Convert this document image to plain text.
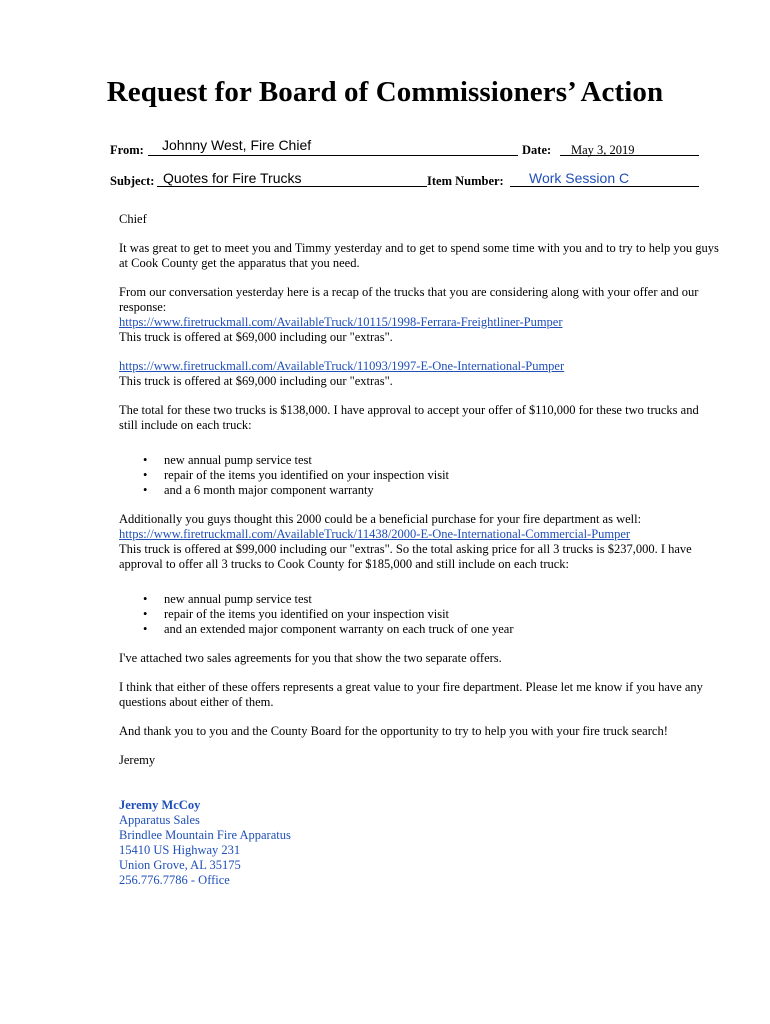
Request for Board of Commissioners’ Action
From: Johnny West, Fire Chief	Date: May 3, 2019
Subject: Quotes for Fire Trucks	Item Number: Work Session C

Chief

It was great to get to meet you and Timmy yesterday and to get to spend some time with you and to try to help you guys at Cook County get the apparatus that you need.

From our conversation yesterday here is a recap of the trucks that you are considering along with your offer and our response:
https://www.firetruckmall.com/AvailableTruck/10115/1998-Ferrara-Freightliner-Pumper
This truck is offered at $69,000 including our "extras".

https://www.firetruckmall.com/AvailableTruck/11093/1997-E-One-International-Pumper
This truck is offered at $69,000 including our "extras".

The total for these two trucks is $138,000. I have approval to accept your offer of $110,000 for these two trucks and still include on each truck:

• new annual pump service test
• repair of the items you identified on your inspection visit
• and a 6 month major component warranty

Additionally you guys thought this 2000 could be a beneficial purchase for your fire department as well:
https://www.firetruckmall.com/AvailableTruck/11438/2000-E-One-International-Commercial-Pumper
This truck is offered at $99,000 including our "extras". So the total asking price for all 3 trucks is $237,000. I have approval to offer all 3 trucks to Cook County for $185,000 and still include on each truck:

• new annual pump service test
• repair of the items you identified on your inspection visit
• and an extended major component warranty on each truck of one year

I've attached two sales agreements for you that show the two separate offers.

I think that either of these offers represents a great value to your fire department. Please let me know if you have any questions about either of them.

And thank you to you and the County Board for the opportunity to try to help you with your fire truck search!

Jeremy

Jeremy McCoy
Apparatus Sales
Brindlee Mountain Fire Apparatus
15410 US Highway 231
Union Grove, AL 35175
256.776.7786 - Office
